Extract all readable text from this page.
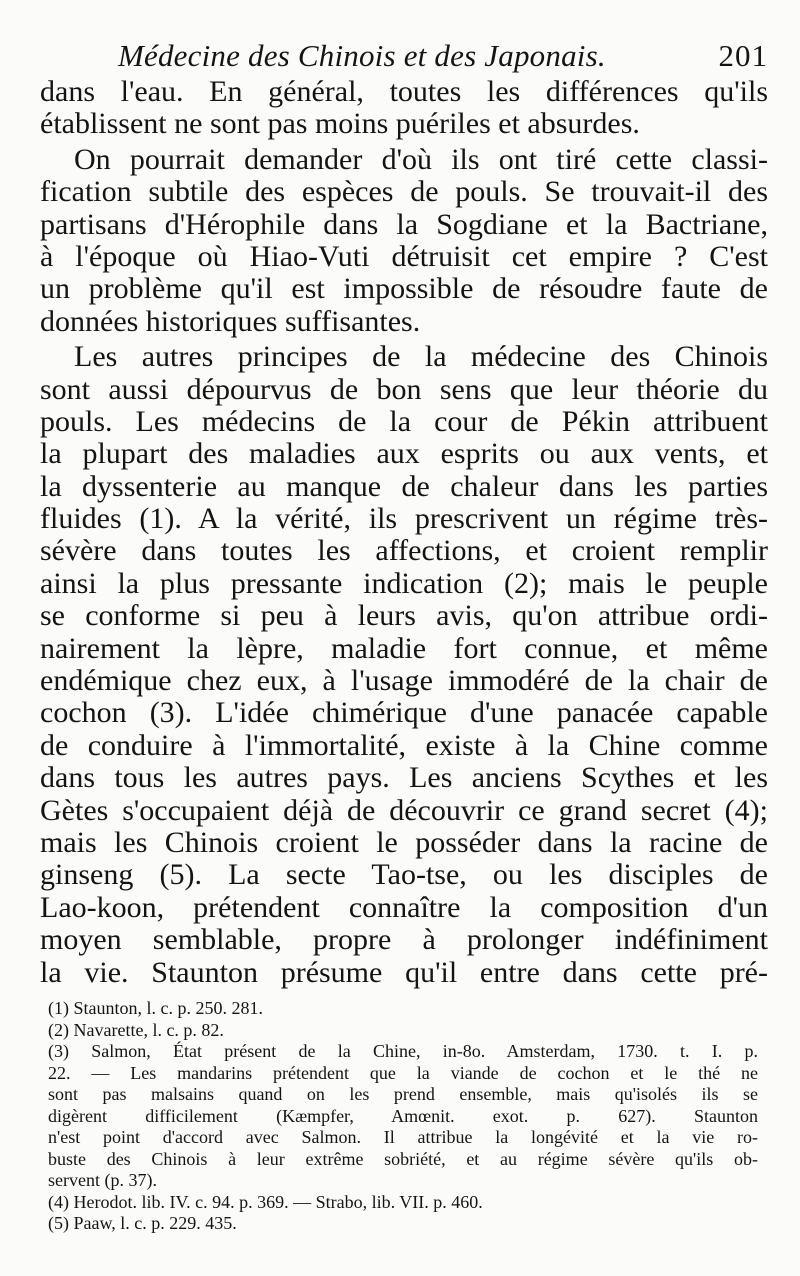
Médecine des Chinois et des Japonais.	201
dans l'eau. En général, toutes les différences qu'ils
établissent ne sont pas moins puériles et absurdes.
On pourrait demander d'où ils ont tiré cette classi-
fication subtile des espèces de pouls. Se trouvait-il des
partisans d'Hérophile dans la Sogdiane et la Bactriane,
à l'époque où Hiao-Vuti détruisit cet empire ? C'est
un problème qu'il est impossible de résoudre faute de
données historiques suffisantes.
Les autres principes de la médecine des Chinois
sont aussi dépourvus de bon sens que leur théorie du
pouls. Les médecins de la cour de Pékin attribuent
la plupart des maladies aux esprits ou aux vents, et
la dyssenterie au manque de chaleur dans les parties
fluides (1). A la vérité, ils prescrivent un régime très-
sévère dans toutes les affections, et croient remplir
ainsi la plus pressante indication (2); mais le peuple
se conforme si peu à leurs avis, qu'on attribue ordi-
nairement la lèpre, maladie fort connue, et même
endémique chez eux, à l'usage immodéré de la chair de
cochon (3). L'idée chimérique d'une panacée capable
de conduire à l'immortalité, existe à la Chine comme
dans tous les autres pays. Les anciens Scythes et les
Gètes s'occupaient déjà de découvrir ce grand secret (4);
mais les Chinois croient le posséder dans la racine de
ginseng (5). La secte Tao-tse, ou les disciples de
Lao-koon, prétendent connaître la composition d'un
moyen semblable, propre à prolonger indéfiniment
la vie. Staunton présume qu'il entre dans cette pré-
(1) Staunton, l. c. p. 250. 281.
(2) Navarette, l. c. p. 82.
(3) Salmon, État présent de la Chine, in-8o. Amsterdam, 1730. t. I. p.
22. — Les mandarins prétendent que la viande de cochon et le thé ne
sont pas malsains quand on les prend ensemble, mais qu'isolés ils se
digèrent difficilement (Kæmpfer, Amœnit. exot. p. 627). Staunton
n'est point d'accord avec Salmon. Il attribue la longévité et la vie ro-
buste des Chinois à leur extrême sobriété, et au régime sévère qu'ils ob-
servent (p. 37).
(4) Herodot. lib. IV. c. 94. p. 369. — Strabo, lib. VII. p. 460.
(5) Paaw, l. c. p. 229. 435.
